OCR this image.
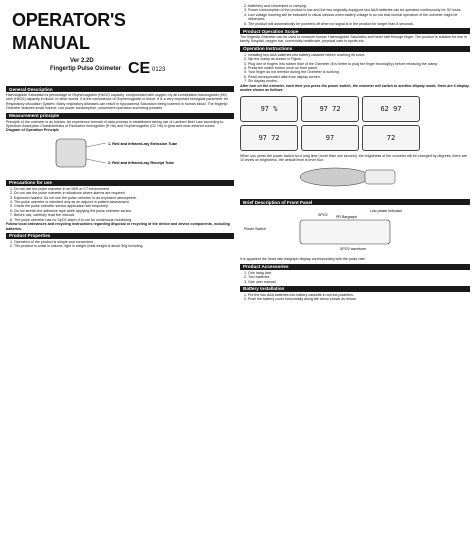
OPERATOR'S
MANUAL
Ver 2.2D
Fingertip Pulse Oximeter CE 0123
General Description
Haemoglobin Saturation is percentage of Oxyhemoglobin (HbO2) capacity, compounded with oxygen, by all combinative haemoglobin (Hb) obin (HbO2) capacity in blood. In other words, it is the consistence of Oxyhemoglobin in blood. It is a very important biological parameter for Respiratory circulation System. Many respiratory diseases can result in hypoxaemia Saturation being lowered in human blood. The fingertip Oximeter features small volume, low power consumption, convenient operation and being portable.
Measurement principle
Principle of the oximeter is as follows: An experience formula of data process is established taking use of Lambert Beer Law according to Spectrum Absorption Characteristics of Reductive hemoglobin (R Hb) and Oxyhemoglobin (O2 Hb) in glow and near-infrared zones.
Diagram of Operation Principle
1. Red and Infrared-ray Emission Tube
2. Red and Infrared-ray Receipt Tube
Precautions for use
1. Do not use the pulse oximeter in an MRI or CT environment
2. Do not use the pulse oximeter in situations where alarms are required.
3. Explosion hazard: Do not use the pulse oximeter in an explosive atmosphere.
4. The pulse oximeter is intended only as an adjunct in patient assessment.
5. Check the pulse oximeter sensor application site frequently.
6. Do not stretch the adhesive tape while applying the pulse oximeter sensor.
7. Before use, carefully read the manual.
8. The pulse oximeter has no SpO2 alarm; it is not for continuous monitoring.
Follow local ordinances and recycling instructions regarding disposal or recycling of the device and device components, including batteries.
Product Properties
1. Operation of the product is simple and convenient
2. The product is small in volume, light in weight (total weight is about 50g including
2. batteries) and convenient in carrying
3. Power consumption of the product is low and the two originally-equipped two AAA batteries can be operated continuously for 30 hours.
4. Low voltage warning will be indicated in visual window when battery voltage is so low that normal operation of the oximeter might be influenced.
5. The product will automatically be powered off when no signal is in the product for longer than 8 seconds.
Product Operation Scope
The fingertip Oximeter can be used to measure human Haemoglobin Saturation and heart rate through finger. The product is suitable for use in family, hospital, oxygen bar, community healthcare, physical care in sports etc.
Operation Instructions
1. Installing two AAA batteries into battery cassette before covering its cover.
2. Nip the clamp as shown in Figure.
3. Plug one of fingers into rubber hole of the Oximeter (it is better to plug the finger thoroughly) before releasing the clamp.
4. Press the switch button once on front panel.
5. Your finger do not tremble during the Oximeter is working.
6. Read corresponded data from display screen.
7. Six display modes
After turn on the oximeter, each time you press the power switch, the oximeter will switch to another display mode, there are 6 display modes shown as follows:
97 %	97 72	62 97
97 72	97	72
When you press the power switch for a long time (more than one second), the brightness of the oximeter will be changed by degrees, there are 10 levels on brightness, the default level is level four.
Brief Description of Front Panel
Low power indicator
SPO2 PR Bargraph
Power Switch
SPO2 waveform
It is apparent the heart rate bargraph display corresponding with the pulse rate.
Product Accessories
1. One hang lace
2. Two batteries
3. One user manual
Battery Installation
1. Put the two AAA batteries into battery cassette in correct polarities.
2. Push the battery cover horizontally along the arrow shown as below:
